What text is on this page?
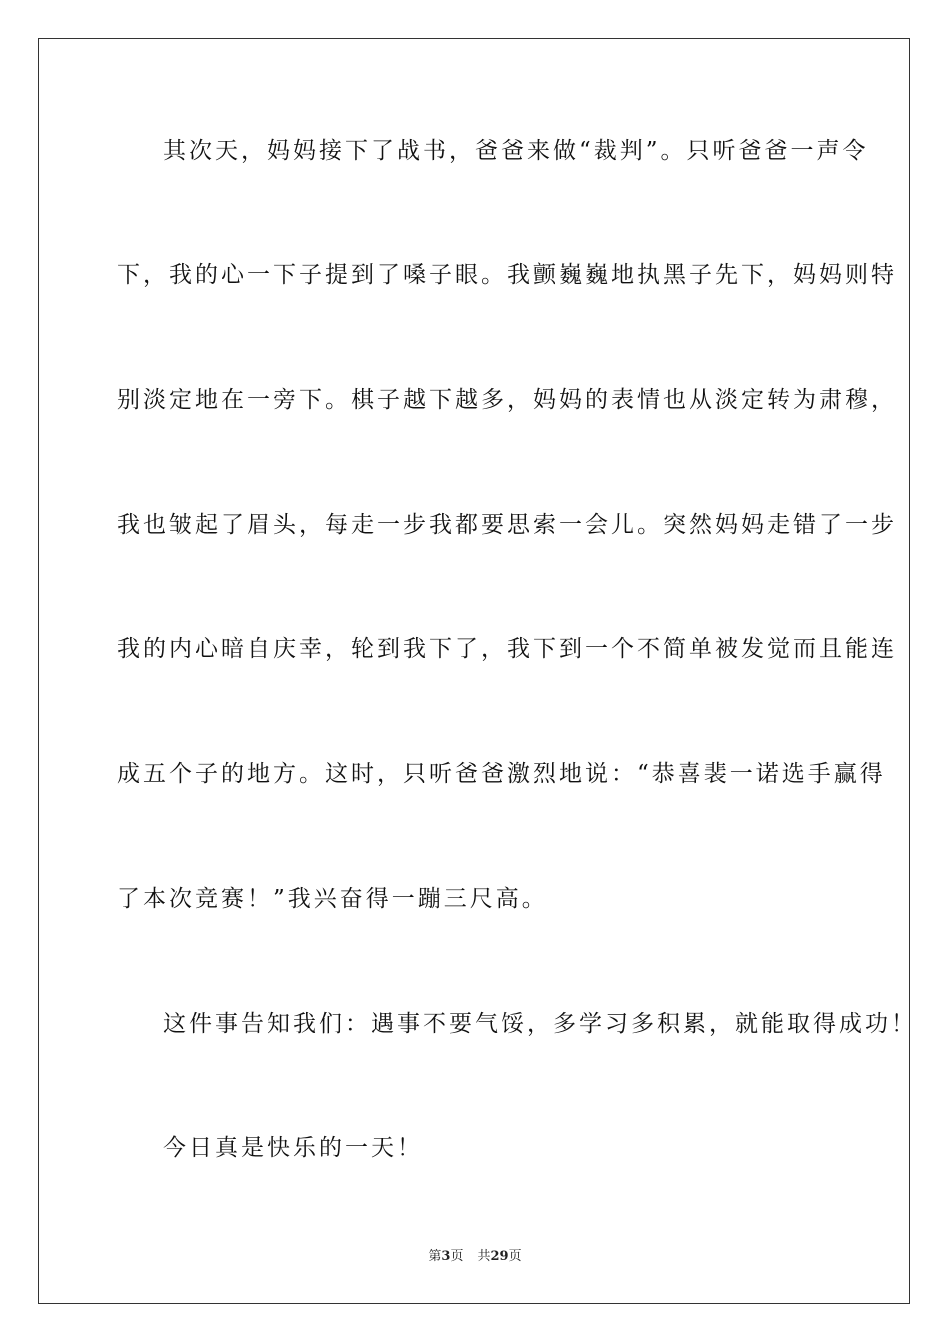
其次天，妈妈接下了战书，爸爸来做“裁判”。只听爸爸一声令
下，我的心一下子提到了嗓子眼。我颤巍巍地执黑子先下，妈妈则特
别淡定地在一旁下。棋子越下越多，妈妈的表情也从淡定转为肃穆，
我也皱起了眉头，每走一步我都要思索一会儿。突然妈妈走错了一步
我的内心暗自庆幸，轮到我下了，我下到一个不简单被发觉而且能连
成五个子的地方。这时，只听爸爸激烈地说：“恭喜裴一诺选手赢得
了本次竞赛！”我兴奋得一蹦三尺高。
这件事告知我们：遇事不要气馁，多学习多积累，就能取得成功！
今日真是快乐的一天！
第3页 共29页
